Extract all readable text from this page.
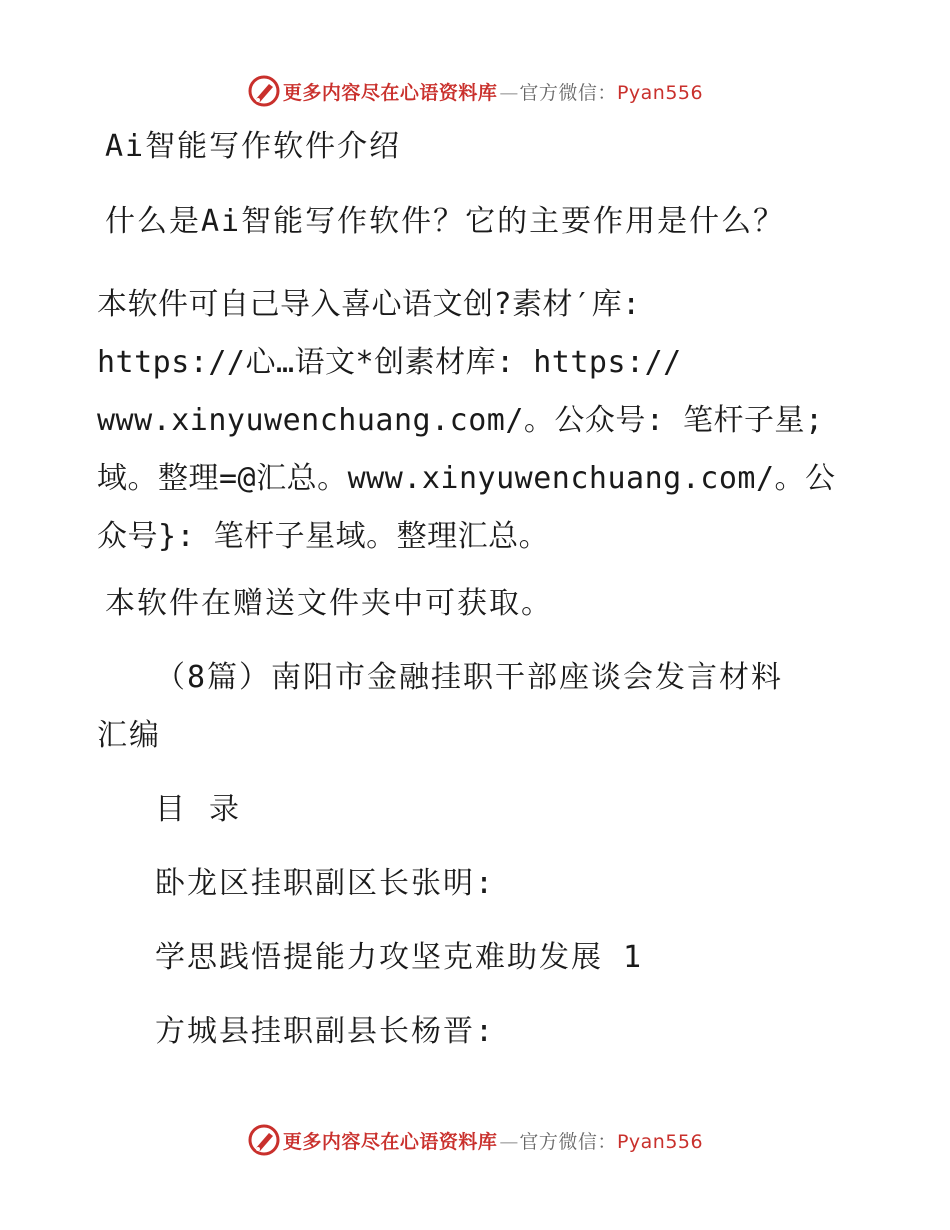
更多内容尽在心语资料库 — 官方微信：Pyan556
Ai智能写作软件介绍
什么是Ai智能写作软件？它的主要作用是什么？
本软件可自己导入喜心语文创?素材′库:
https://心…语文*创素材库: https://
www.xinyuwenchuang.com/。公众号: 笔杆子星;
域。整理=@汇总。www.xinyuwenchuang.com/。公
众号}: 笔杆子星域。整理汇总。
本软件在赠送文件夹中可获取。
（8篇）南阳市金融挂职干部座谈会发言材料
汇编
目 录
卧龙区挂职副区长张明:
学思践悟提能力攻坚克难助发展 1
方城县挂职副县长杨晋:
更多内容尽在心语资料库 — 官方微信：Pyan556
